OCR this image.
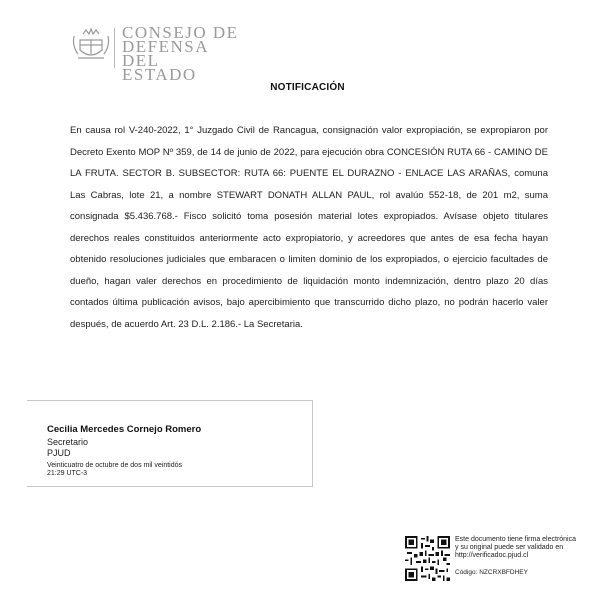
CONSEJO DE
DEFENSA DEL
ESTADO
NOTIFICACIÓN
En causa rol V-240-2022, 1° Juzgado Civil de Rancagua, consignación valor expropiación, se expropiaron por Decreto Exento MOP Nº 359, de 14 de junio de 2022, para ejecución obra CONCESIÓN RUTA 66 - CAMINO DE LA FRUTA. SECTOR B. SUBSECTOR: RUTA 66: PUENTE EL DURAZNO - ENLACE LAS ARAÑAS, comuna Las Cabras, lote 21, a nombre STEWART DONATH ALLAN PAUL, rol avalúo 552-18, de 201 m2, suma consignada $5.436.768.- Fisco solicitó toma posesión material lotes expropiados. Avísase objeto titulares derechos reales constituidos anteriormente acto expropiatorio, y acreedores que antes de esa fecha hayan obtenido resoluciones judiciales que embaracen o limiten dominio de los expropiados, o ejercicio facultades de dueño, hagan valer derechos en procedimiento de liquidación monto indemnización, dentro plazo 20 días contados última publicación avisos, bajo apercibimiento que transcurrido dicho plazo, no podrán hacerlo valer después, de acuerdo Art. 23 D.L. 2.186.- La Secretaria.
Cecilia Mercedes Cornejo Romero
Secretario
PJUD
Veinticuatro de octubre de dos mil veintidós
21:29 UTC-3
Este documento tiene firma electrónica
y su original puede ser validado en
http://verificadoc.pjud.cl
Código: NZCRXBFDHEY
